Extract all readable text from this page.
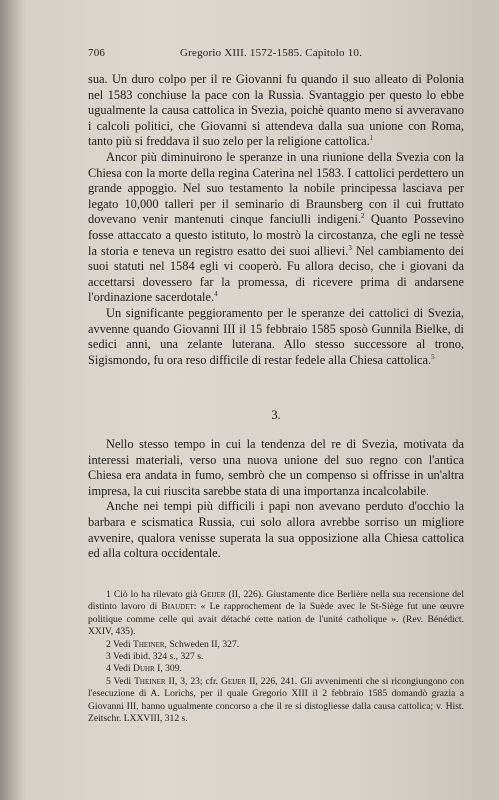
706	Gregorio XIII. 1572-1585. Capitolo 10.

sua. Un duro colpo per il re Giovanni fu quando il suo alleato di Polonia nel 1583 conchiuse la pace con la Russia. Svantaggio per questo lo ebbe ugualmente la causa cattolica in Svezia, poichè quanto meno si avveravano i calcoli politici, che Giovanni si attendeva dalla sua unione con Roma, tanto più si freddava il suo zelo per la religione cattolica.$^1$

Ancor più diminuirono le speranze in una riunione della Svezia con la Chiesa con la morte della regina Caterina nel 1583. I cattolici perdettero un grande appoggio. Nel suo testamento la nobile principessa lasciava per legato 10,000 talleri per il seminario di Braunsberg con il cui fruttato dovevano venir mantenuti cinque fanciulli indigeni.$^2$ Quanto Possevino fosse attaccato a questo istituto, lo mostrò la circostanza, che egli ne tessè la storia e teneva un registro esatto dei suoi allievi.$^3$ Nel cambiamento dei suoi statuti nel 1584 egli vi cooperò. Fu allora deciso, che i giovani da accettarsi dovessero far la promessa, di ricevere prima di andarsene l'ordinazione sacerdotale.$^4$

Un significante peggioramento per le speranze dei cattolici di Svezia, avvenne quando Giovanni III il 15 febbraio 1585 sposò Gunnila Bielke, di sedici anni, una zelante luterana. Allo stesso successore al trono, Sigismondo, fu ora reso difficile di restar fedele alla Chiesa cattolica.$^5$

3.

Nello stesso tempo in cui la tendenza del re di Svezia, motivata da interessi materiali, verso una nuova unione del suo regno con l'antica Chiesa era andata in fumo, sembrò che un compenso si offrisse in un'altra impresa, la cui riuscita sarebbe stata di una importanza incalcolabile.

Anche nei tempi più difficili i papi non avevano perduto d'occhio la barbara e scismatica Russia, cui solo allora avrebbe sorriso un migliore avvenire, qualora venisse superata la sua opposizione alla Chiesa cattolica ed alla coltura occidentale.

1 Ciò lo ha rilevato già Geijer (II, 226). Giustamente dice Berlière nella sua recensione del distinto lavoro di Biaudet: « Le rapprochement de la Suède avec le St-Siège fut une œuvre politique comme celle qui avait détaché cette nation de l'unité catholique ». (Rev. Bénédict. XXIV, 435).

2 Vedi Theiner, Schweden II, 327.

3 Vedi ibid. 324 s., 327 s.

4 Vedi Duhr I, 309.

5 Vedi Theiner II, 3, 23; cfr. Geijer II, 226, 241. Gli avvenimenti che si ricongiungono con l'esecuzione di A. Lorichs, per il quale Gregorio XIII il 2 febbraio 1585 domandò grazia a Giovanni III, hanno ugualmente concorso a che il re si distogliesse dalla causa cattolica; v. Hist. Zeitschr. LXXVIII, 312 s.
